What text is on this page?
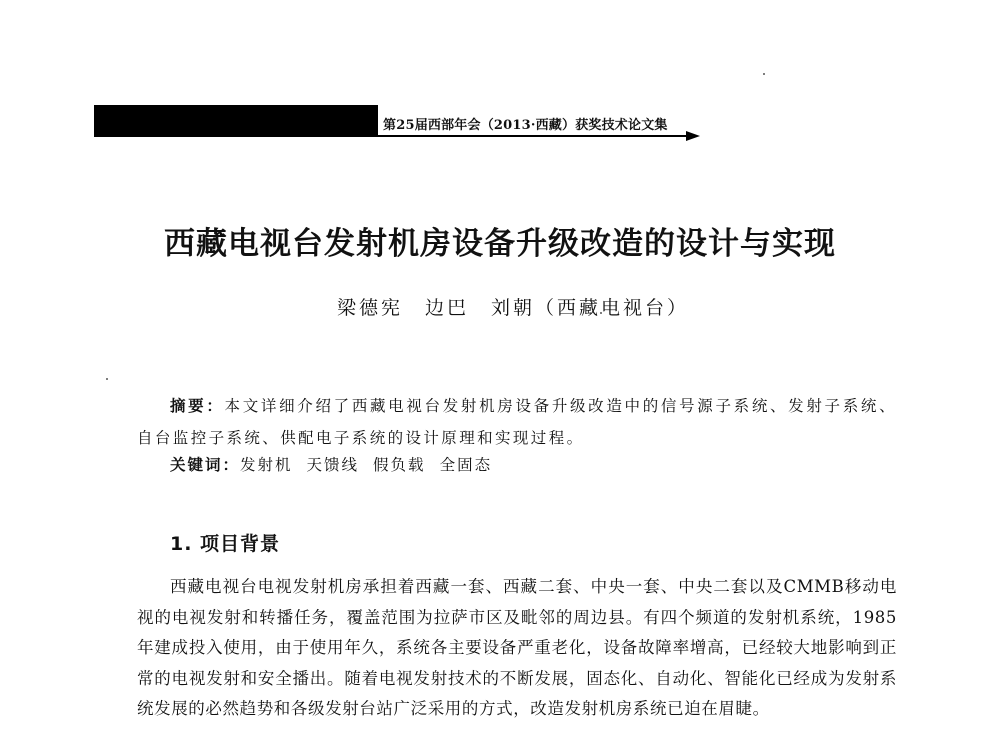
第25届西部年会（2013·西藏）获奖技术论文集
西藏电视台发射机房设备升级改造的设计与实现
梁德宪　边巴　刘朝（西藏电视台）
摘要：本文详细介绍了西藏电视台发射机房设备升级改造中的信号源子系统、发射子系统、自台监控子系统、供配电子系统的设计原理和实现过程。
关键词：发射机 天馈线 假负载 全固态
1. 项目背景
西藏电视台电视发射机房承担着西藏一套、西藏二套、中央一套、中央二套以及CMMB移动电视的电视发射和转播任务，覆盖范围为拉萨市区及毗邻的周边县。有四个频道的发射机系统，1985年建成投入使用，由于使用年久，系统各主要设备严重老化，设备故障率增高，已经较大地影响到正常的电视发射和安全播出。随着电视发射技术的不断发展，固态化、自动化、智能化已经成为发射系统发展的必然趋势和各级发射台站广泛采用的方式，改造发射机房系统已迫在眉睫。
